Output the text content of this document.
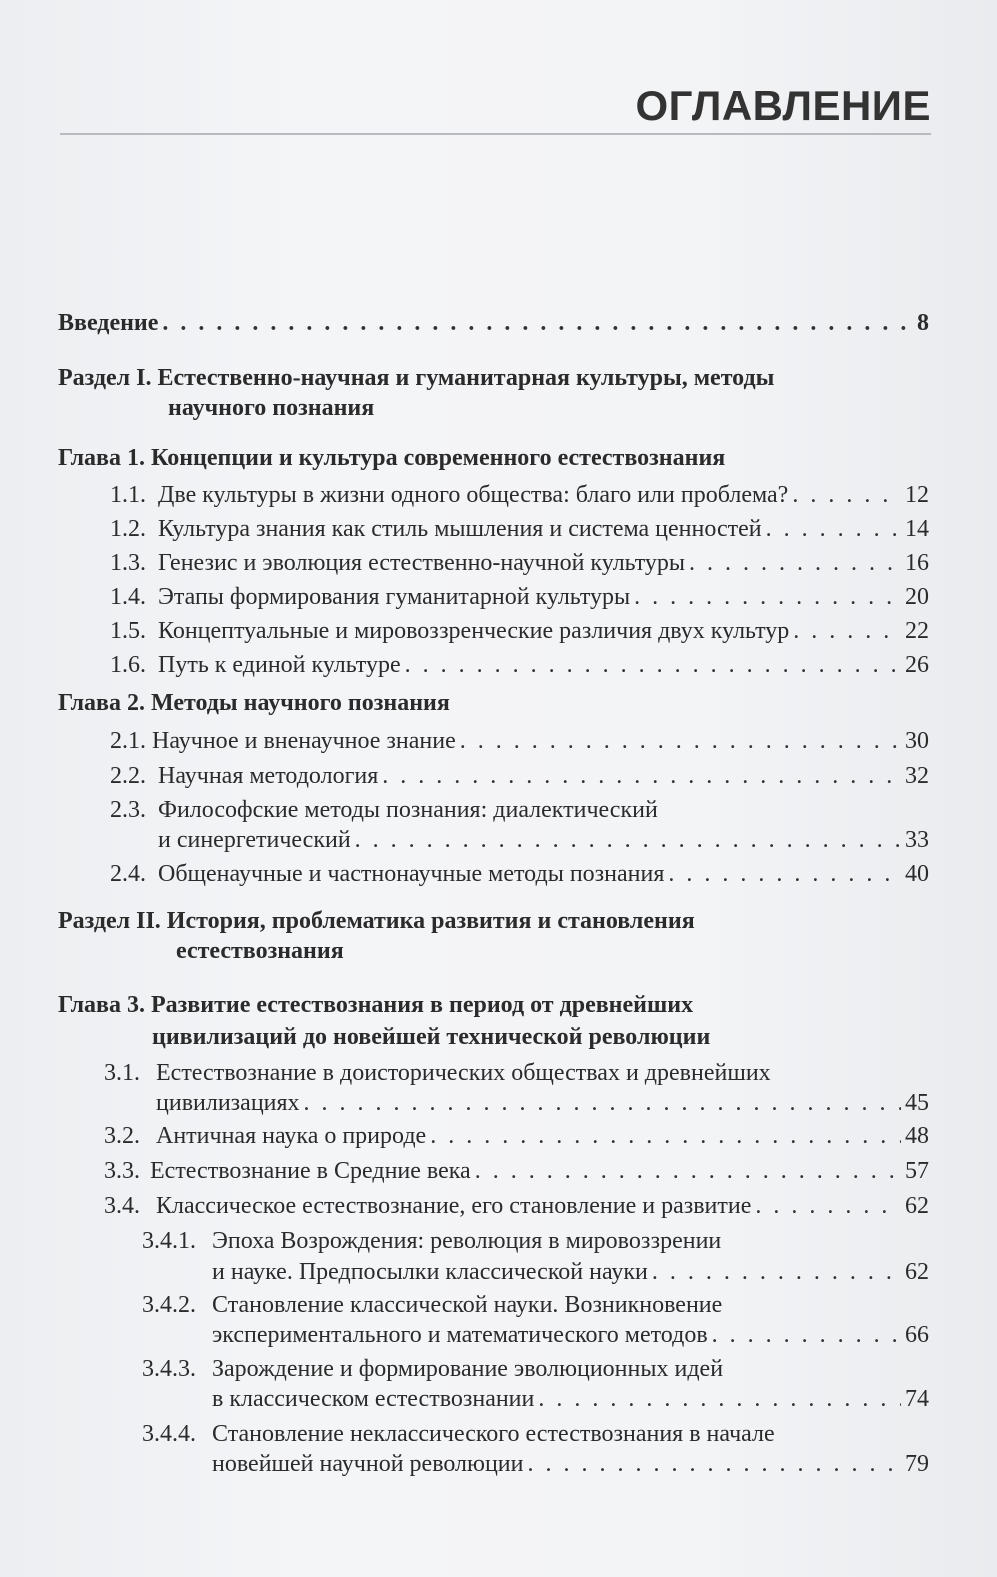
ОГЛАВЛЕНИЕ
Введение . . .	8
Раздел I. Естественно-научная и гуманитарная культуры, методы
научного познания
Глава 1. Концепции и культура современного естествознания
1.1. Две культуры в жизни одного общества: благо или проблема? . . .	12
1.2. Культура знания как стиль мышления и система ценностей . . .	14
1.3. Генезис и эволюция естественно-научной культуры . . .	16
1.4. Этапы формирования гуманитарной культуры . . .	20
1.5. Концептуальные и мировоззренческие различия двух культур . . .	22
1.6. Путь к единой культуре . . .	26
Глава 2. Методы научного познания
2.1. Научное и вненаучное знание . . .	30
2.2. Научная методология . . .	32
2.3. Философские методы познания: диалектический
и синергетический . . .	33
2.4. Общенаучные и частнонаучные методы познания . . .	40
Раздел II. История, проблематика развития и становления
естествознания
Глава 3. Развитие естествознания в период от древнейших
цивилизаций до новейшей технической революции
3.1. Естествознание в доисторических обществах и древнейших
цивилизациях . . .	45
3.2. Античная наука о природе . . .	48
3.3. Естествознание в Средние века . . .	57
3.4. Классическое естествознание, его становление и развитие . . .	62
3.4.1. Эпоха Возрождения: революция в мировоззрении
и науке. Предпосылки классической науки . . .	62
3.4.2. Становление классической науки. Возникновение
экспериментального и математического методов . . .	66
3.4.3. Зарождение и формирование эволюционных идей
в классическом естествознании . . .	74
3.4.4. Становление неклассического естествознания в начале
новейшей научной революции . . .	79
